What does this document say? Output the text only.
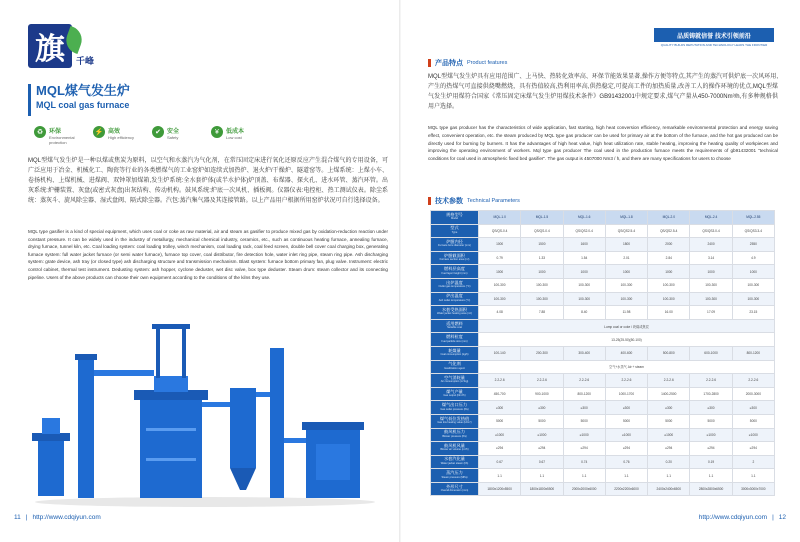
旗	千峰
MQL煤气发生炉
MQL coal gas furnace
♻ 环保
Environmental protection
⚡ 高效
High efficiency
✔	安全
Safety
¥	低成本
Low cost

MQL型煤气发生炉是一种以煤或焦炭为原料，以空气和水蒸汽为气化剂，在常压固定床进行氧化还原反应产生混合煤气的专用设备，可广泛应用于冶金、机械化工、陶瓷等行业的各类燃煤气的工业窑炉如连续式加热炉、退火炉/干燥炉、隧道窑等。上煤系统：上煤小车、卷扬机构、上煤机械、进煤阀、双钟罩加煤箱,发生炉系统:全水套炉体(或半水护体)炉顶盖、布煤器、探火孔、进水环管、蒸汽环管。出灰系统:炉栅装置、灰盘(或密式灰盘)出灰结构、传动机构。鼓风系统:炉底一次风机、插板阀。仪器仪表:电控柜、热工测试仪表。除尘系统：蒸灰斗、旋风除尘器、湿式盘阀、隔式除尘器。汽包:蒸汽集气器及其连接管路。以上产品用户根据所用窑炉状况可自行选择设备。

MQL type gasifier is a kind of special equipment, which uses coal or coke as raw material, air and steam as gasifier to produce mixed gas by oxidation-reduction reaction under constant pressure. It can be widely used in the industry of metallurgy, mechanical chemical industry, ceramics, etc., such as continuous heating furnace, annealing furnace, drying furnace, tunnel kiln, etc. Coal loading system: coal loading trolley, winch mechanism, coal loading rack, coal feed screen, double bell cover coal charging box, generating furnace system: full water jacket furnace (or semi water furnace), furnace top cover, coal distributor, fire detection hole, water inlet ring pipe, steam ring pipe. Ash discharging system: grate device, ash tray (or closed type) ash discharging structure and transmission mechanism. Blast system: furnace bottom primary fan, plug valve. Instrument: electric control cabinet, thermal test instrument. Dedusting system: ash hopper, cyclone deduster, wet disc valve, box type deduster. Steam drum: steam collector and its connecting pipeline. Users of the above products can choose their own equipment according to the conditions of the kilns they use.

11 | http://www.cdqiyun.com
品质铸就信誉 技术引领前沿
QUALITY BUILDS REPUTATION AND TECHNOLOGY LEADS THE FRONTIER
产品特点 Product features

MQL型煤气发生炉具有应用范围广、上马快、热转化效率高、环保节能效果显著,操作方便等特点,其产生的蒸汽可供炉底一次风环用,产生的热煤气可直接供烧嘴燃烧，具有热值较高,热利用率高,供热稳定,可提高工件的加热质量,改善工人的操作环境的优点,MQL型煤气发生炉用煤符合国家《常压固定床煤气发生炉用煤技术条件》GB9143​2001中规定要求,煤气产量从450-7000Nm³/h,有多种规格供用户选择。

MQL type gas producer has the characteristics of wide application, fast starting, high heat conversion efficiency, remarkable environmental protection and energy saving effect, convenient operation, etc. the steam produced by MQL type gas producer can be used for primary air at the bottom of the furnace, and the hot gas produced can be directly used for burning by burners. It has the advantages of high heat value, high heat utilization rate, stable heating, improving the heating quality of workpieces and improving the operating environment of workers. Mql type gas producer The coal used in the production furnace meets the requirements of gb9143​2001 "technical conditions for coal used in atmospheric fixed bed gasifier". The gas output is 4507000 Nm3 / h, and there are many specifications for users to choose

技术参数 Technical Parameters
规格型号
Model	MQL-1.0	MQL-1.5	MQL-1.6	MQL-1.8	MQL-2.0	MQL-2.4	MQL-2.55

型式
Type	QS/QS-0.4	QS/QS-0.4	QS/QS2.0-4	QS/QS2.5-4	QS/QS2.5-4	QS/QS3.0-4	QS/QS3.3-4

炉膛内径
Furnace bore diameter (mm)	1000	1500	1600	1800	2000	2400	2550

炉膛截面积
Furnace section area (m²)	0.79	1.33	1.54	2.01	2.84	3.14	4.9

燃料层高度
Fuel layer height (mm)	1000	1000	1000	1000	1000	1000	1000

出炉温度
Outlet gas temperature (°C)	100-300	100-300	100-300	100-300	100-300	100-300	100-300

炉出温度
Ash outlet temperature (°C)	100-300	100-300	100-300	100-300	100-300	100-300	100-300

水套受热面积
Water jacket heating area (m²)	4.08	7.88	8.40	11.98	16.00	17.09	23.15

适用燃料
Suitable coal	Lump coal or coke / 块煤或焦炭						

燃料粒度
Fuel particle size (mm)	13-25(25-50)(50-100)						

耗煤量
Coal consumption (kg/h)	100-140	200-300	300-400	400-600	500-800	600-1000	800-1200

气化剂
Gasification agent	空气+水蒸气 Air + steam						

空气消耗量
Air consumption (m³/kg)	2.2-2.6	2.2-2.6	2.2-2.6	2.2-2.6	2.2-2.6	2.2-2.6	2.2-2.6

煤气产量
Gas output (Nm³/h)	450-700	900-1000	800-1200	1000-1700	1400-2500	1700-2800	2000-3000

煤气出口压力
Gas outlet pressure (Pa)	≥300	≥300	≥300	≥300	≥300	≥300	≥300

煤气低位发热值
Gas low heating value (kJ/m³)	5000	5000	5000	5000	5000	5000	5000

鼓风机压力
Blower pressure (Pa)	≥1000	≥1000	≥1000	≥1000	≥1000	≥1000	≥1000

鼓风机风量
Blower air volume (m³/h)	≥294	≥294	≥294	≥294	≥294	≥294	≥294

水套汽化量
Water jacket steam (t/h)	0.67	0.67	0.74	0.76	0.20	0.19	2

蒸汽压力
Steam pressure (MPa)	1.1	1.1	1.1	1.1	1.1	1.1	1.1

外形尺寸
Overall dimension (mm)	1800x1200x5500	1800x1800x5500	2000x2000x6000	2200x2200x6000	2400x2400x6500	2800x2800x6500	3000x3000x7000
http://www.cdqiyun.com | 12
